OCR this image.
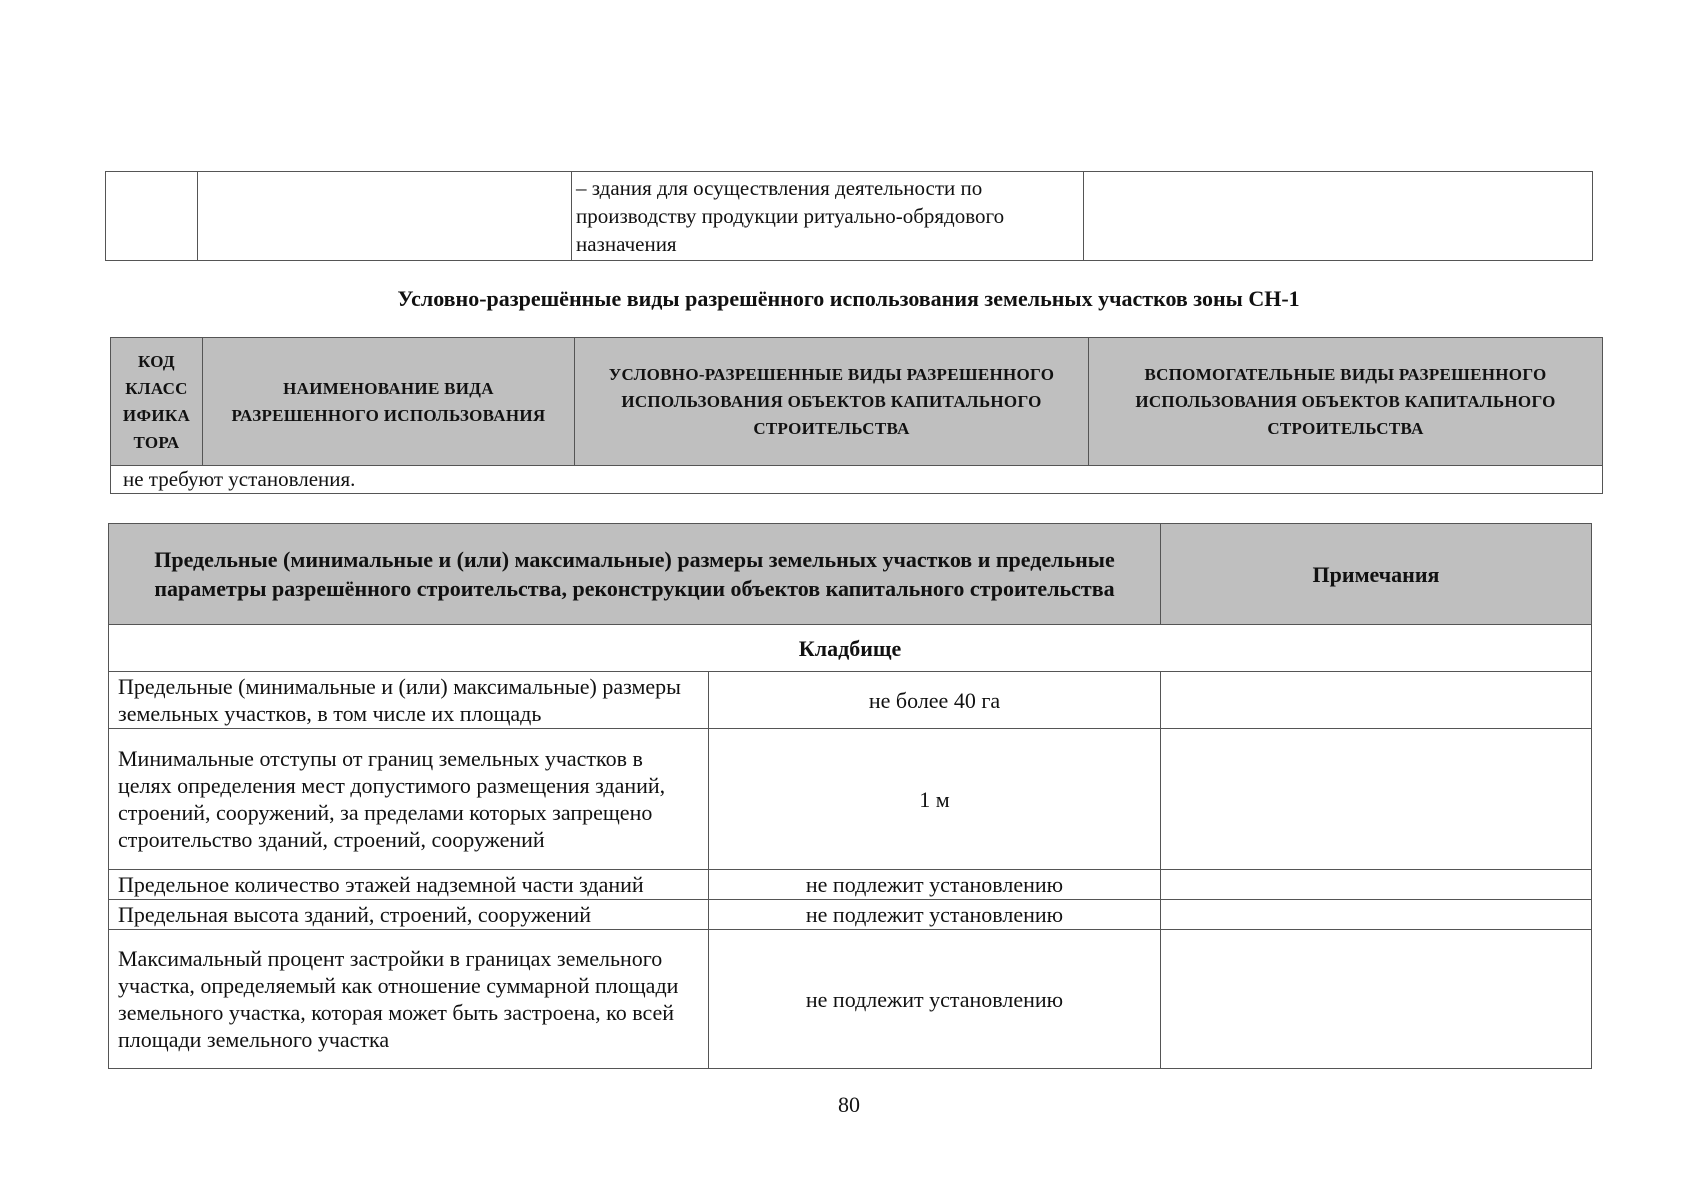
		– здания для осуществления деятельности по производству продукции ритуально-обрядового назначения	
Условно-разрешённые виды разрешённого использования земельных участков зоны СН-1
КОД КЛАСС ИФИКА ТОРА	НАИМЕНОВАНИЕ ВИДА РАЗРЕШЕННОГО ИСПОЛЬЗОВАНИЯ	УСЛОВНО-РАЗРЕШЕННЫЕ ВИДЫ РАЗРЕШЕННОГО ИСПОЛЬЗОВАНИЯ ОБЪЕКТОВ КАПИТАЛЬНОГО СТРОИТЕЛЬСТВА	ВСПОМОГАТЕЛЬНЫЕ ВИДЫ РАЗРЕШЕННОГО ИСПОЛЬЗОВАНИЯ ОБЪЕКТОВ КАПИТАЛЬНОГО СТРОИТЕЛЬСТВА
не требуют установления.
Предельные (минимальные и (или) максимальные) размеры земельных участков и предельные параметры разрешённого строительства, реконструкции объектов капитального строительства		Примечания
Кладбище		
Предельные (минимальные и (или) максимальные) размеры земельных участков, в том числе их площадь	не более 40 га	
Минимальные отступы от границ земельных участков в целях определения мест допустимого размещения зданий, строений, сооружений, за пределами которых запрещено строительство зданий, строений, сооружений	1 м	
Предельное количество этажей надземной части зданий	не подлежит установлению	
Предельная высота зданий, строений, сооружений	не подлежит установлению	
Максимальный процент застройки в границах земельного участка, определяемый как отношение суммарной площади земельного участка, которая может быть застроена, ко всей площади земельного участка	не подлежит установлению	
80
